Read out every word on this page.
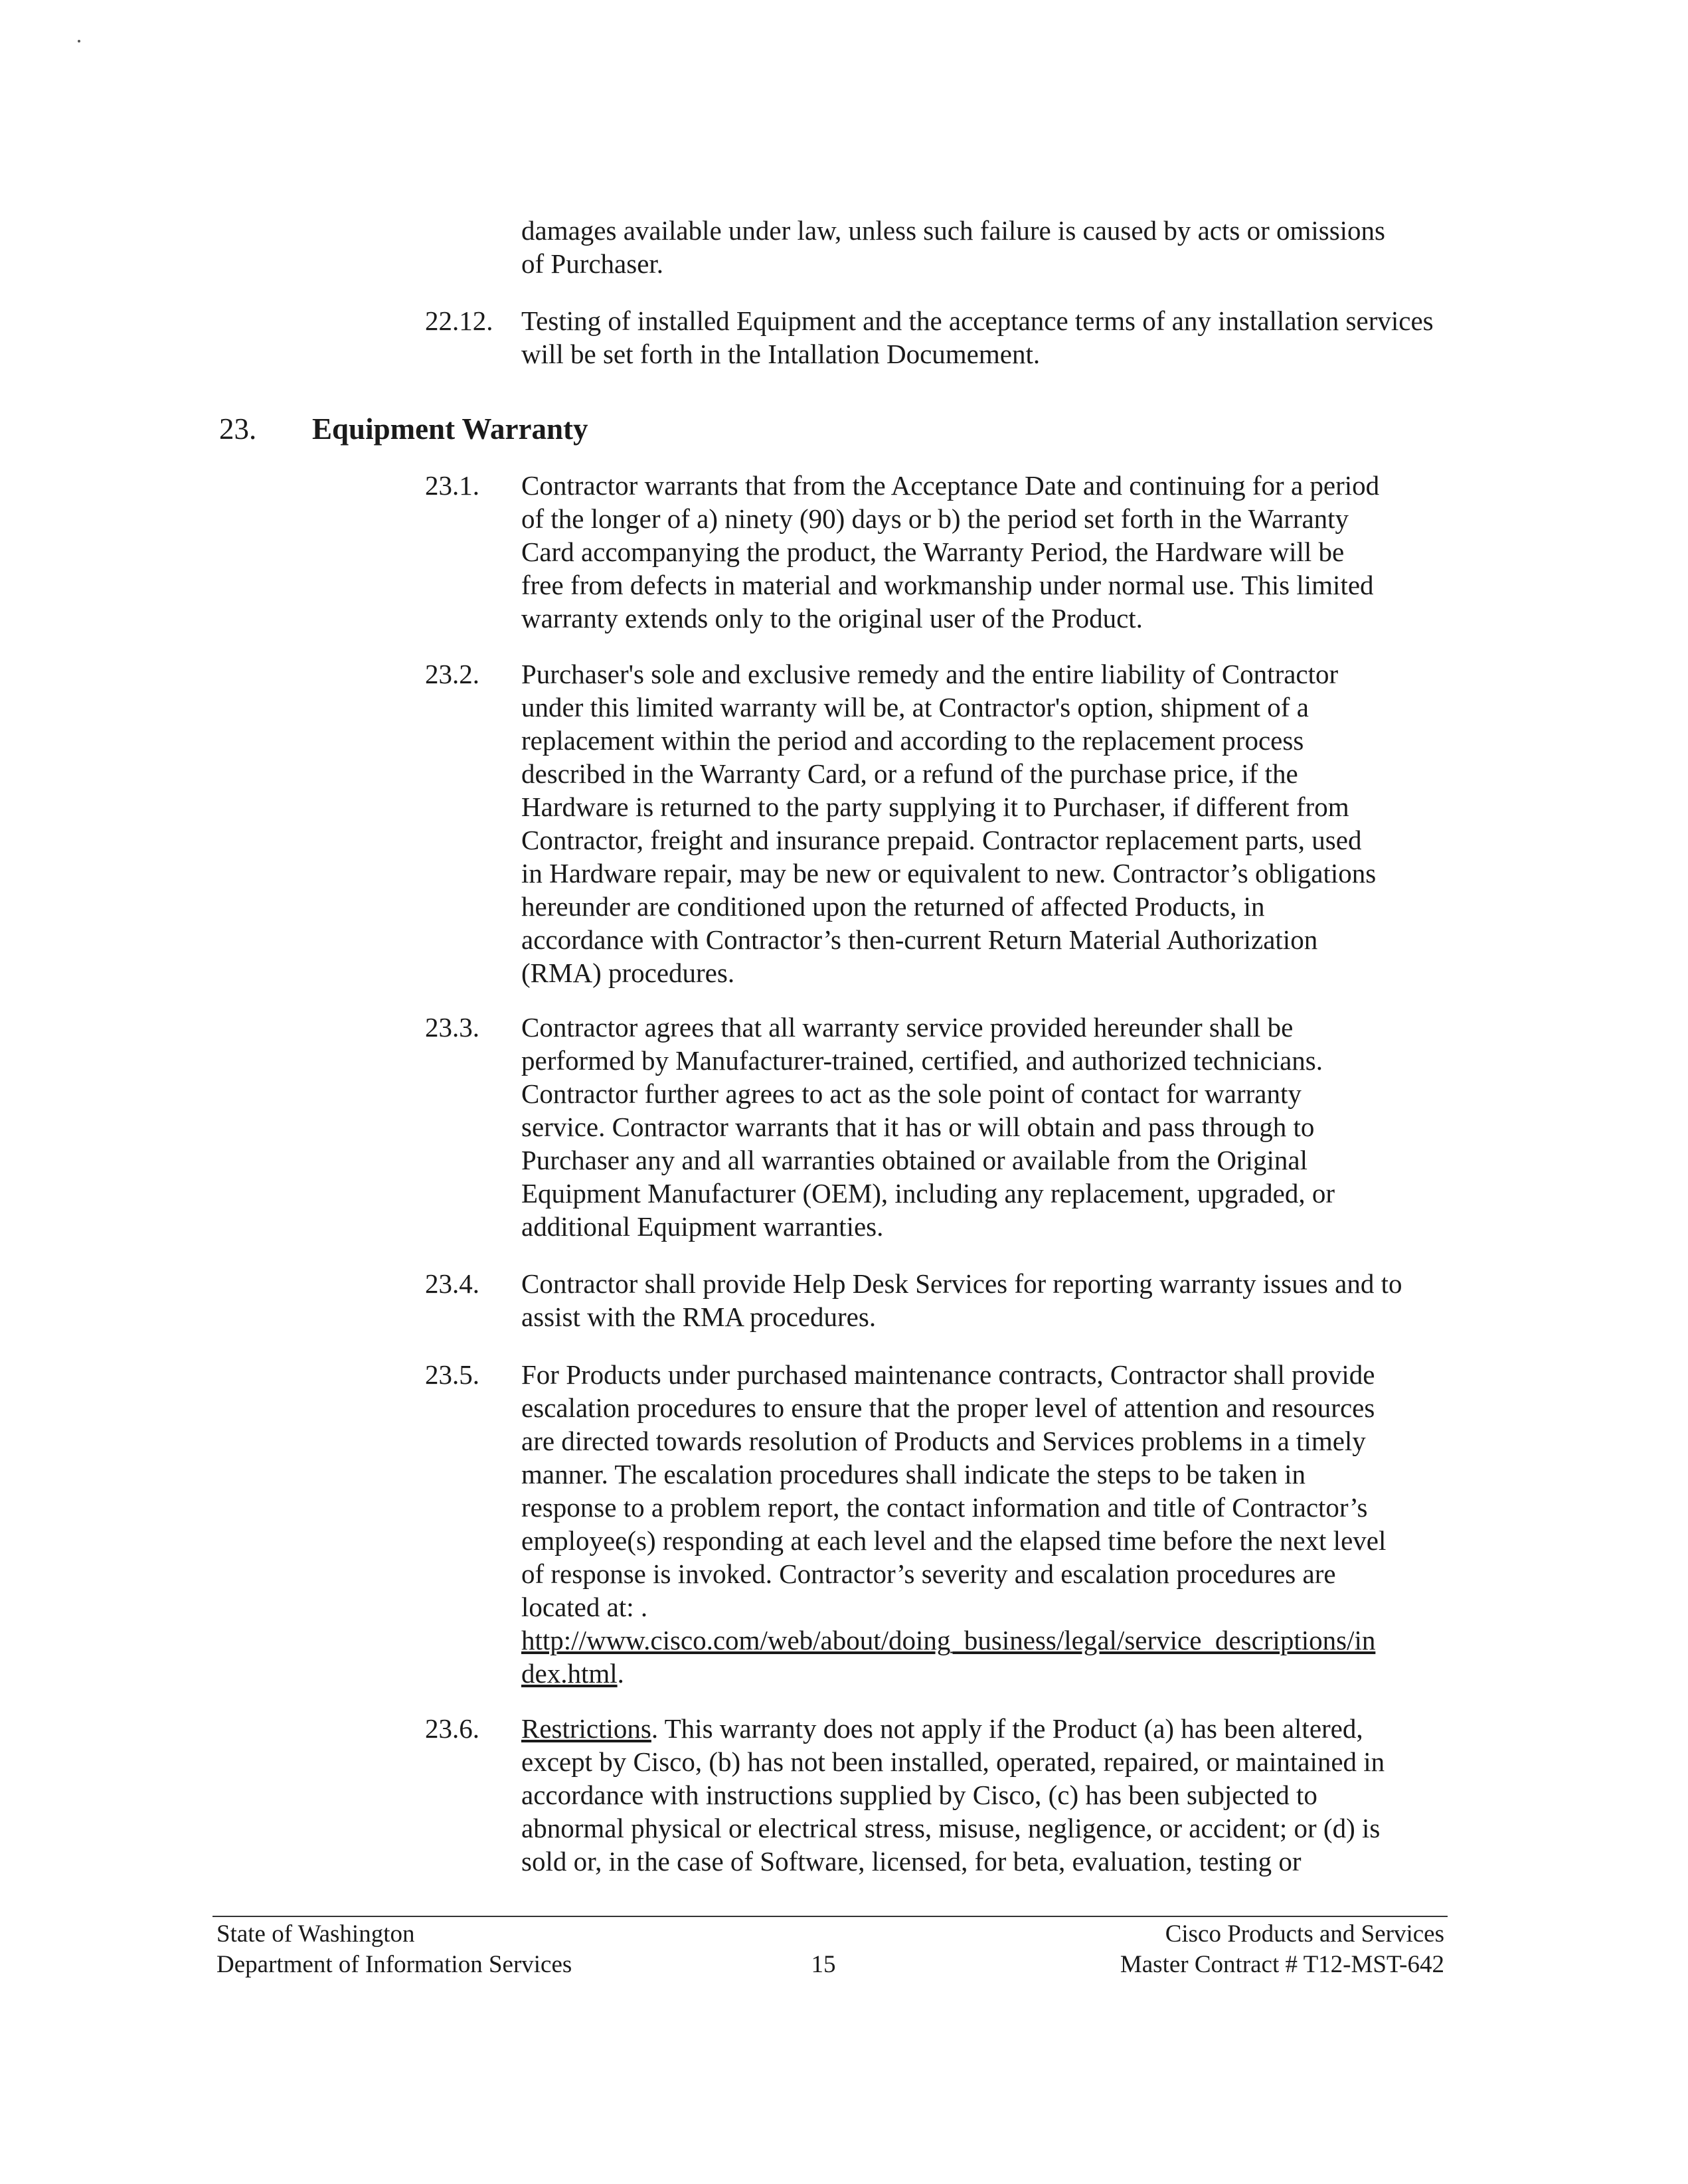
damages available under law, unless such failure is caused by acts or omissions
of Purchaser.
22.12.	Testing of installed Equipment and the acceptance terms of any installation services
will be set forth in the Intallation Documement.
23. Equipment Warranty
23.1.	Contractor warrants that from the Acceptance Date and continuing for a period
of the longer of a) ninety (90) days or b) the period set forth in the Warranty
Card accompanying the product, the Warranty Period, the Hardware will be
free from defects in material and workmanship under normal use. This limited
warranty extends only to the original user of the Product.
23.2.	Purchaser's sole and exclusive remedy and the entire liability of Contractor
under this limited warranty will be, at Contractor's option, shipment of a
replacement within the period and according to the replacement process
described in the Warranty Card, or a refund of the purchase price, if the
Hardware is returned to the party supplying it to Purchaser, if different from
Contractor, freight and insurance prepaid. Contractor replacement parts, used
in Hardware repair, may be new or equivalent to new. Contractor’s obligations
hereunder are conditioned upon the returned of affected Products, in
accordance with Contractor’s then-current Return Material Authorization
(RMA) procedures.
23.3.	Contractor agrees that all warranty service provided hereunder shall be
performed by Manufacturer-trained, certified, and authorized technicians.
Contractor further agrees to act as the sole point of contact for warranty
service. Contractor warrants that it has or will obtain and pass through to
Purchaser any and all warranties obtained or available from the Original
Equipment Manufacturer (OEM), including any replacement, upgraded, or
additional Equipment warranties.
23.4.	Contractor shall provide Help Desk Services for reporting warranty issues and to
assist with the RMA procedures.
23.5.	For Products under purchased maintenance contracts, Contractor shall provide
escalation procedures to ensure that the proper level of attention and resources
are directed towards resolution of Products and Services problems in a timely
manner. The escalation procedures shall indicate the steps to be taken in
response to a problem report, the contact information and title of Contractor’s
employee(s) responding at each level and the elapsed time before the next level
of response is invoked. Contractor’s severity and escalation procedures are
located at: .
http://www.cisco.com/web/about/doing_business/legal/service_descriptions/in
dex.html.
23.6.	Restrictions. This warranty does not apply if the Product (a) has been altered,
except by Cisco, (b) has not been installed, operated, repaired, or maintained in
accordance with instructions supplied by Cisco, (c) has been subjected to
abnormal physical or electrical stress, misuse, negligence, or accident; or (d) is
sold or, in the case of Software, licensed, for beta, evaluation, testing or
State of Washington
Department of Information Services	15
Cisco Products and Services
Master Contract # T12-MST-642
